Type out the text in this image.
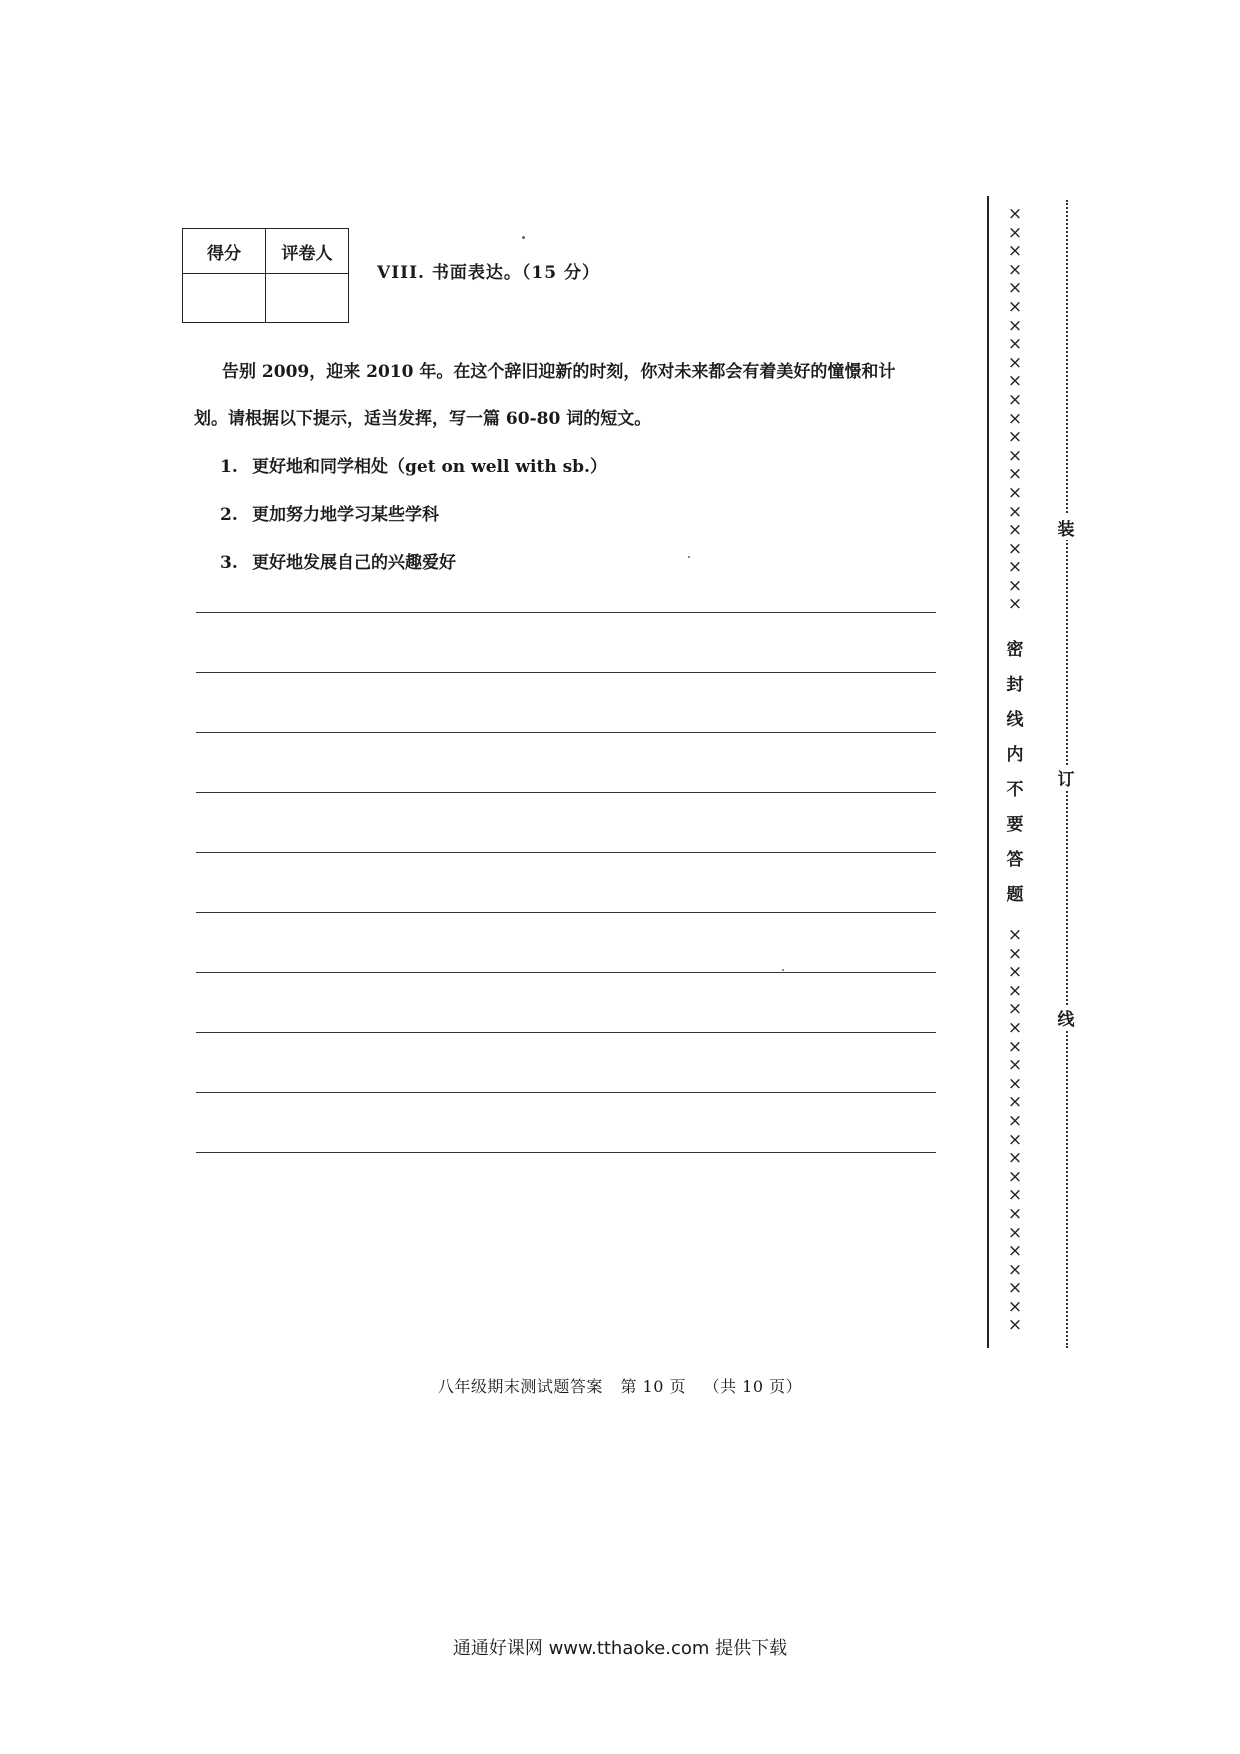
得分	评卷人

VIII. 书面表达。（15 分）
告别 2009，迎来 2010 年。在这个辞旧迎新的时刻，你对未来都会有着美好的憧憬和计
划。请根据以下提示，适当发挥，写一篇 60-80 词的短文。
1. 更好地和同学相处（get on well with sb.）
2. 更加努力地学习某些学科
3. 更好地发展自己的兴趣爱好
××××××××××××××××××××××
××××××××××××××××××××××
密
封
线
内
不
要
答
题
装
订
线
八年级期末测试题答案 第 10 页 （共 10 页）
通通好课网 www.tthaoke.com 提供下载
